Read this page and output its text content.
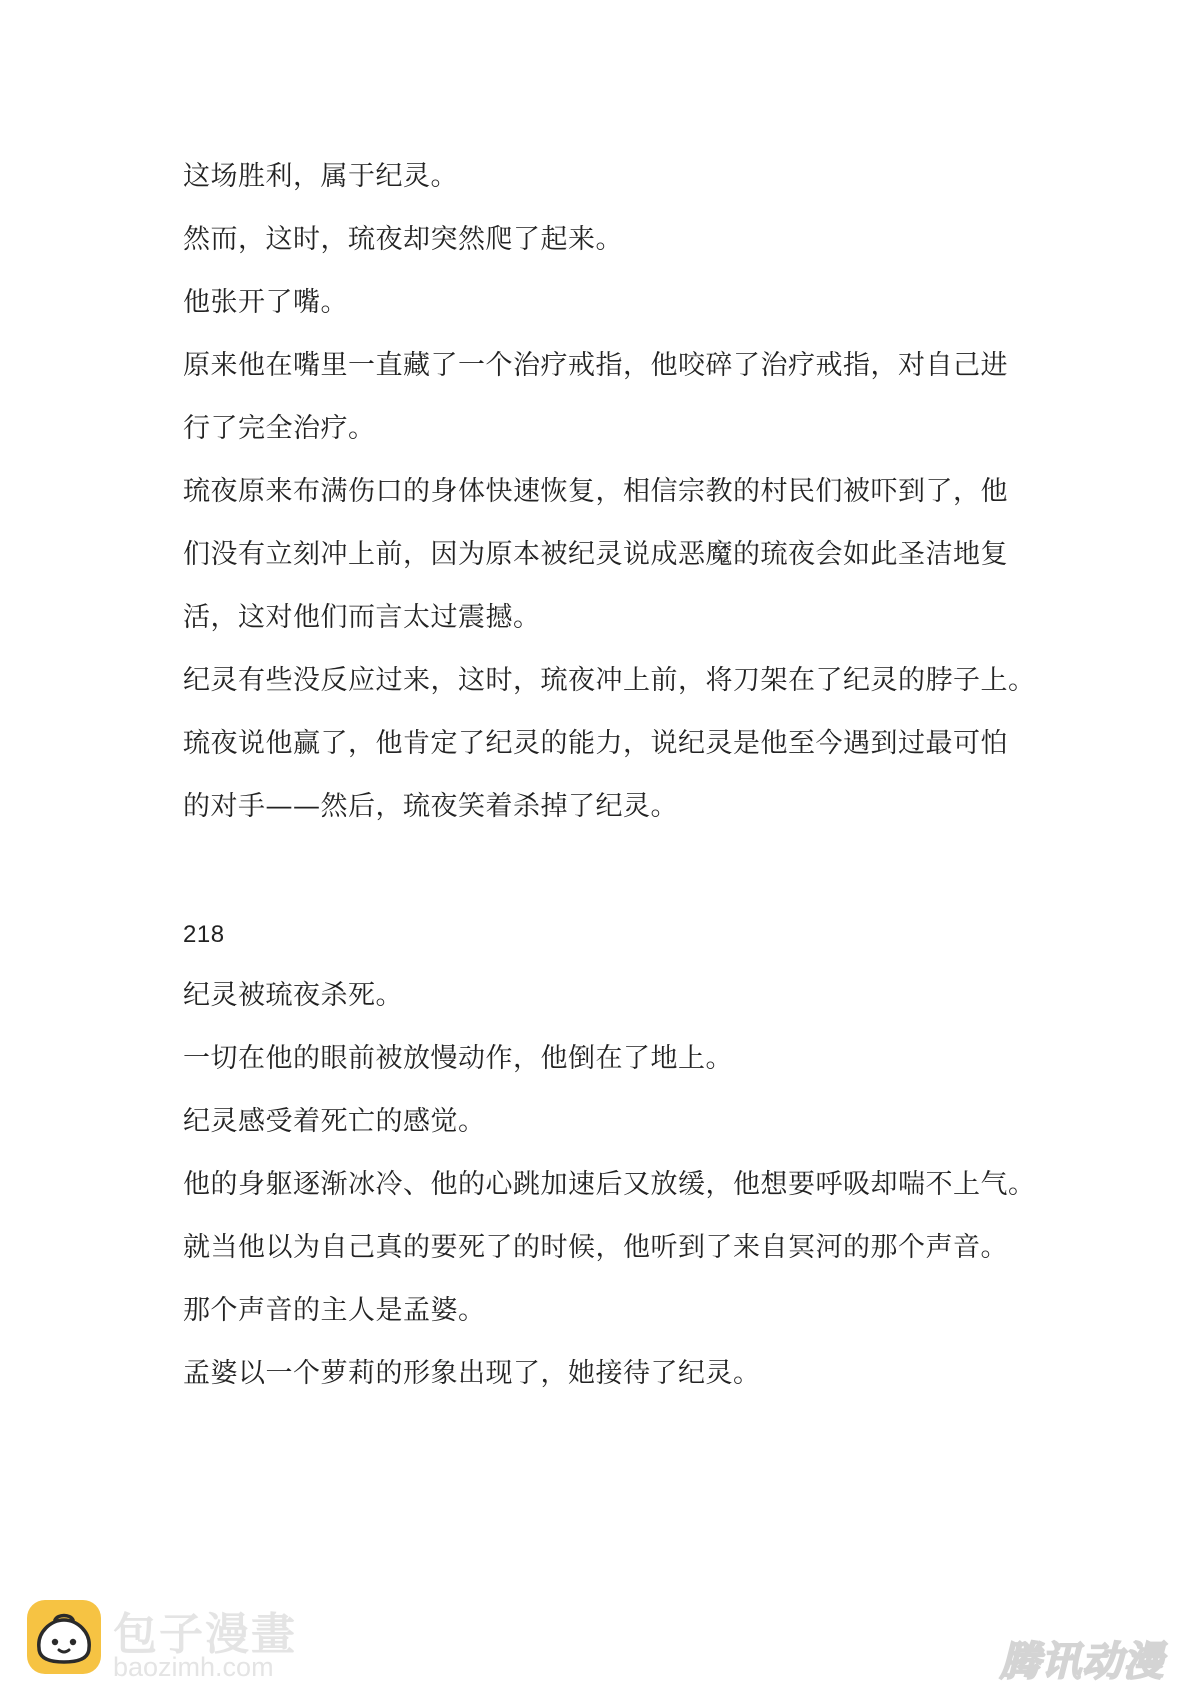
这场胜利，属于纪灵。
然而，这时，琉夜却突然爬了起来。
他张开了嘴。
原来他在嘴里一直藏了一个治疗戒指，他咬碎了治疗戒指，对自己进
行了完全治疗。
琉夜原来布满伤口的身体快速恢复，相信宗教的村民们被吓到了，他
们没有立刻冲上前，因为原本被纪灵说成恶魔的琉夜会如此圣洁地复
活，这对他们而言太过震撼。
纪灵有些没反应过来，这时，琉夜冲上前，将刀架在了纪灵的脖子上。
琉夜说他赢了，他肯定了纪灵的能力，说纪灵是他至今遇到过最可怕
的对手——然后，琉夜笑着杀掉了纪灵。
218
纪灵被琉夜杀死。
一切在他的眼前被放慢动作，他倒在了地上。
纪灵感受着死亡的感觉。
他的身躯逐渐冰冷、他的心跳加速后又放缓，他想要呼吸却喘不上气。
就当他以为自己真的要死了的时候，他听到了来自冥河的那个声音。
那个声音的主人是孟婆。
孟婆以一个萝莉的形象出现了，她接待了纪灵。
包子漫畫
baozimh.com	腾讯动漫
